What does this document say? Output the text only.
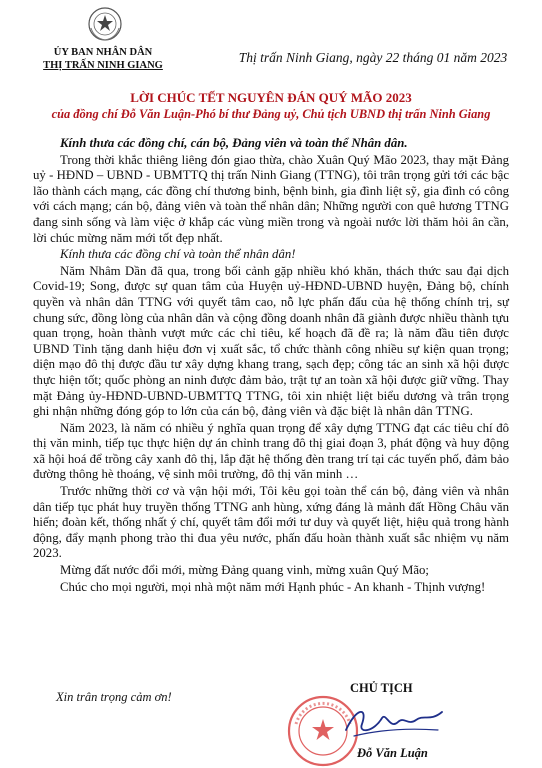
ỦY BAN NHÂN DÂN
THỊ TRẤN NINH GIANG
Thị trấn Ninh Giang, ngày 22 tháng 01 năm 2023
LỜI CHÚC TẾT NGUYÊN ĐÁN QUÝ MÃO 2023
của đồng chí Đỗ Văn Luận-Phó bí thư Đảng uỷ, Chủ tịch UBND thị trấn Ninh Giang

Kính thưa các đồng chí, cán bộ, Đảng viên và toàn thể Nhân dân.

Trong thời khắc thiêng liêng đón giao thừa, chào Xuân Quý Mão 2023, thay mặt Đảng uỷ - HĐND – UBND - UBMTTQ thị trấn Ninh Giang (TTNG), tôi trân trọng gửi tới các bậc lão thành cách mạng, các đồng chí thương binh, bệnh binh, gia đình liệt sỹ, gia đình có công với cách mạng; cán bộ, đảng viên và toàn thể nhân dân; Những người con quê hương TTNG đang sinh sống và làm việc ở khắp các vùng miền trong và ngoài nước lời thăm hỏi ân cần, lời chúc mừng năm mới tốt đẹp nhất.

Kính thưa các đồng chí và toàn thể nhân dân!

Năm Nhâm Dần đã qua, trong bối cảnh gặp nhiều khó khăn, thách thức sau đại dịch Covid-19; Song, được sự quan tâm của Huyện uỷ-HĐND-UBND huyện, Đảng bộ, chính quyền và nhân dân TTNG với quyết tâm cao, nỗ lực phấn đấu của hệ thống chính trị, sự chung sức, đồng lòng của nhân dân và cộng đồng doanh nhân đã giành được nhiều thành tựu quan trọng, hoàn thành vượt mức các chỉ tiêu, kế hoạch đã đề ra; là năm đầu tiên được UBND Tỉnh tặng danh hiệu đơn vị xuất sắc, tổ chức thành công nhiều sự kiện quan trọng; diện mạo đô thị được đầu tư xây dựng khang trang, sạch đẹp; công tác an sinh xã hội được thực hiện tốt; quốc phòng an ninh được đảm bảo, trật tự an toàn xã hội được giữ vững. Thay mặt Đảng ủy-HĐND-UBND-UBMTTQ TTNG, tôi xin nhiệt liệt biểu dương và trân trọng ghi nhận những đóng góp to lớn của cán bộ, đảng viên và đặc biệt là nhân dân TTNG.

Năm 2023, là năm có nhiều ý nghĩa quan trọng để xây dựng TTNG đạt các tiêu chí đô thị văn minh, tiếp tục thực hiện dự án chỉnh trang đô thị giai đoạn 3, phát động và huy động xã hội hoá để trồng cây xanh đô thị, lắp đặt hệ thống đèn trang trí tại các tuyến phố, đảm bảo đường thông hè thoáng, vệ sinh môi trường, đô thị văn minh …

Trước những thời cơ và vận hội mới, Tôi kêu gọi toàn thể cán bộ, đảng viên và nhân dân tiếp tục phát huy truyền thống TTNG anh hùng, xứng đáng là mảnh đất Hồng Châu văn hiến; đoàn kết, thống nhất ý chí, quyết tâm đổi mới tư duy và quyết liệt, hiệu quả trong hành động, đẩy mạnh phong trào thi đua yêu nước, phấn đấu hoàn thành xuất sắc nhiệm vụ năm 2023.

Mừng đất nước đổi mới, mừng Đảng quang vinh, mừng xuân Quý Mão;

Chúc cho mọi người, mọi nhà một năm mới Hạnh phúc - An khanh - Thịnh vượng!

Xin trân trọng cảm ơn!
CHỦ TỊCH
Đỗ Văn Luận
